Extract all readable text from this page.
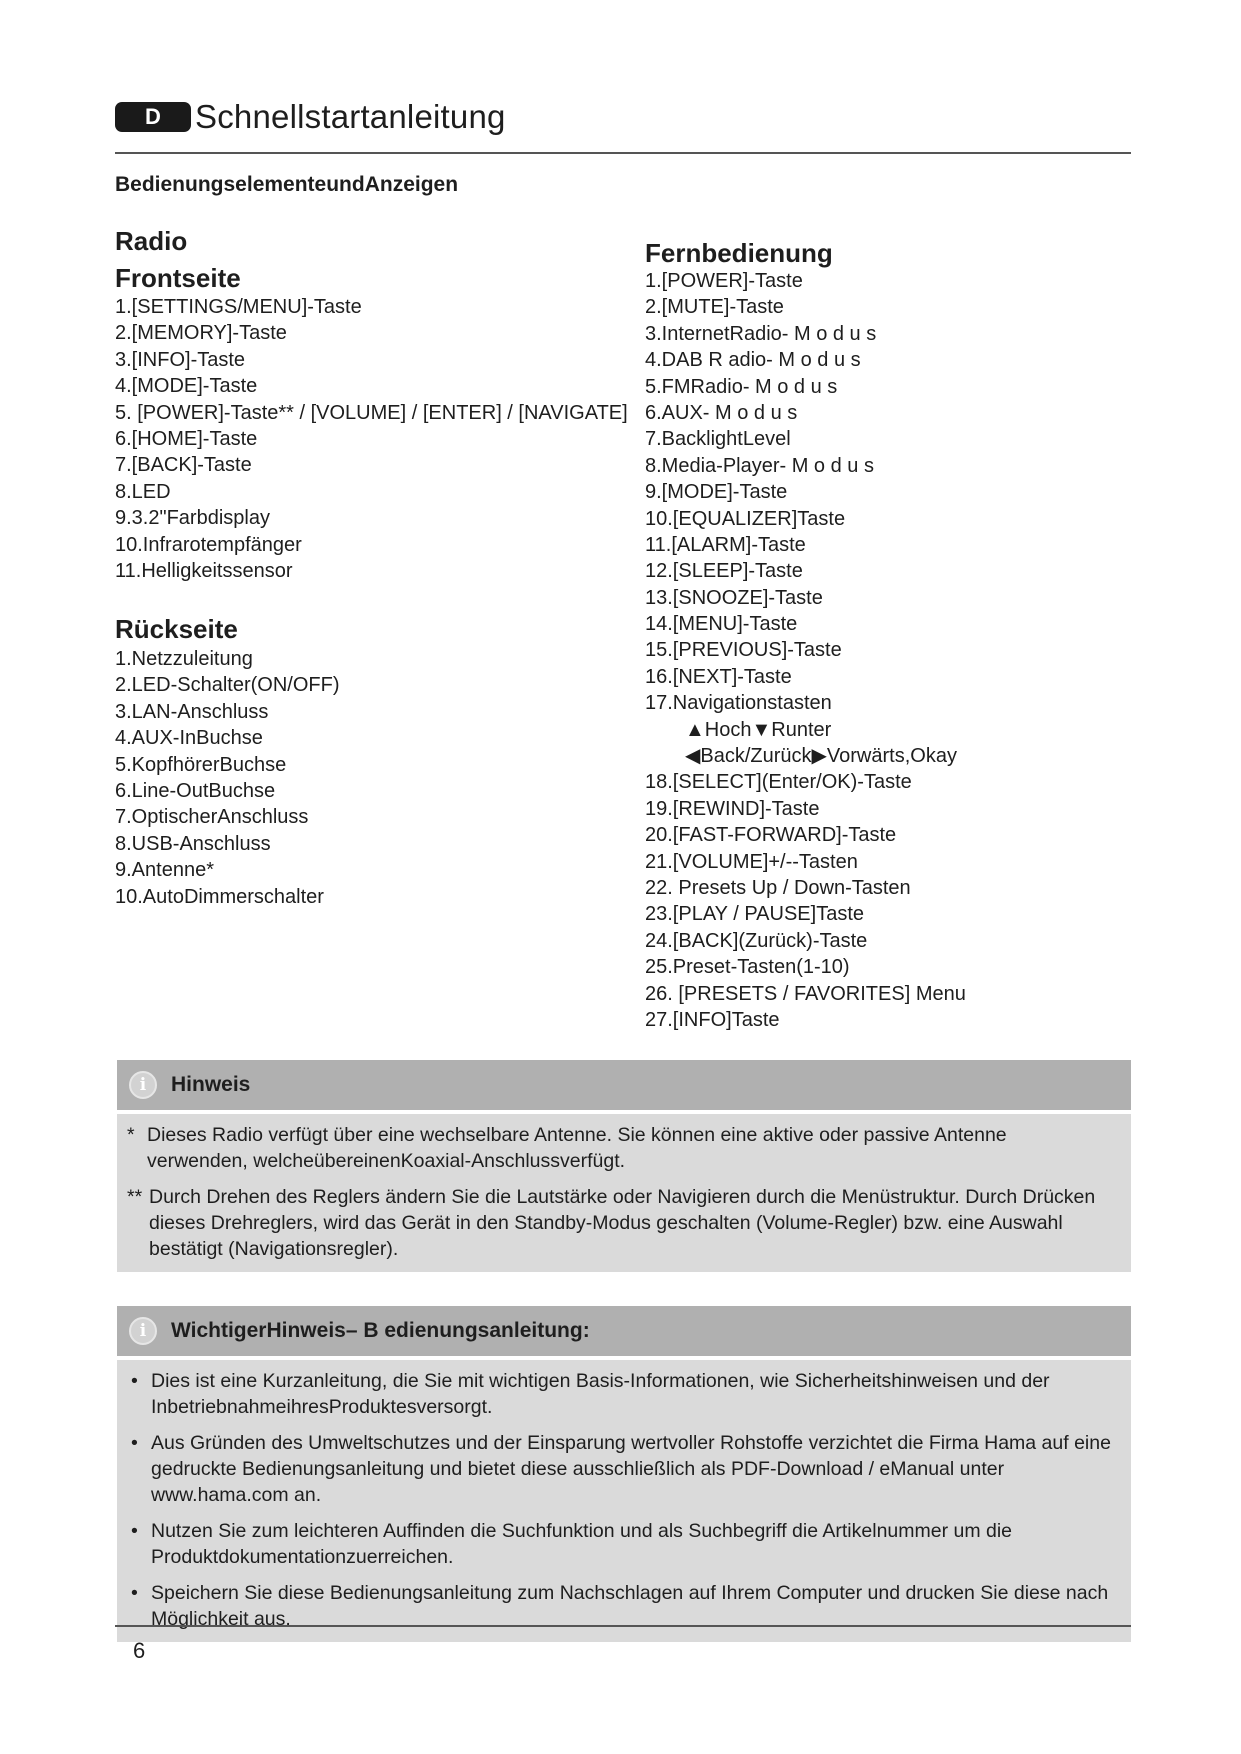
D	Schnellstartanleitung
BedienungselementeundAnzeigen
Radio
Frontseite
1.[SETTINGS/MENU]-Taste
2.[MEMORY]-Taste
3.[INFO]-Taste
4.[MODE]-Taste
5. [POWER]-Taste** / [VOLUME] / [ENTER] / [NAVIGATE]
6.[HOME]-Taste
7.[BACK]-Taste
8.LED
9.3.2"Farbdisplay
10.Infrarotempfänger
11.Helligkeitssensor
Rückseite
1.Netzzuleitung
2.LED-Schalter(ON/OFF)
3.LAN-Anschluss
4.AUX-InBuchse
5.KopfhörerBuchse
6.Line-OutBuchse
7.OptischerAnschluss
8.USB-Anschluss
9.Antenne*
10.AutoDimmerschalter
Fernbedienung
1.[POWER]-Taste
2.[MUTE]-Taste
3.InternetRadio- M o d u s
4.DAB R adio- M o d u s
5.FMRadio- M o d u s
6.AUX- M o d u s
7.BacklightLevel
8.Media-Player- M o d u s
9.[MODE]-Taste
10.[EQUALIZER]Taste
11.[ALARM]-Taste
12.[SLEEP]-Taste
13.[SNOOZE]-Taste
14.[MENU]-Taste
15.[PREVIOUS]-Taste
16.[NEXT]-Taste
17.Navigationstasten
▲Hoch▼Runter
◀Back/Zurück▶Vorwärts,Okay
18.[SELECT](Enter/OK)-Taste
19.[REWIND]-Taste
20.[FAST-FORWARD]-Taste
21.[VOLUME]+/--Tasten
22. Presets Up / Down-Tasten
23.[PLAY / PAUSE]Taste
24.[BACK](Zurück)-Taste
25.Preset-Tasten(1-10)
26. [PRESETS / FAVORITES] Menu
27.[INFO]Taste
i	Hinweis
* Dieses Radio verfügt über eine wechselbare Antenne. Sie können eine aktive oder passive Antenne verwenden, welcheübereinenKoaxial-Anschlussverfügt.
** Durch Drehen des Reglers ändern Sie die Lautstärke oder Navigieren durch die Menüstruktur. Durch Drücken dieses Drehreglers, wird das Gerät in den Standby-Modus geschalten (Volume-Regler) bzw. eine Auswahl bestätigt (Navigationsregler).
i	WichtigerHinweis– B edienungsanleitung:
• Dies ist eine Kurzanleitung, die Sie mit wichtigen Basis-Informationen, wie Sicherheitshinweisen und der InbetriebnahmeihresProduktesversorgt.
• Aus Gründen des Umweltschutzes und der Einsparung wertvoller Rohstoffe verzichtet die Firma Hama auf eine gedruckte Bedienungsanleitung und bietet diese ausschließlich als PDF-Download / eManual unter www.hama.com an.
• Nutzen Sie zum leichteren Auffinden die Suchfunktion und als Suchbegriff die Artikelnummer um die Produktdokumentationzuerreichen.
• Speichern Sie diese Bedienungsanleitung zum Nachschlagen auf Ihrem Computer und drucken Sie diese nach Möglichkeit aus.
6
